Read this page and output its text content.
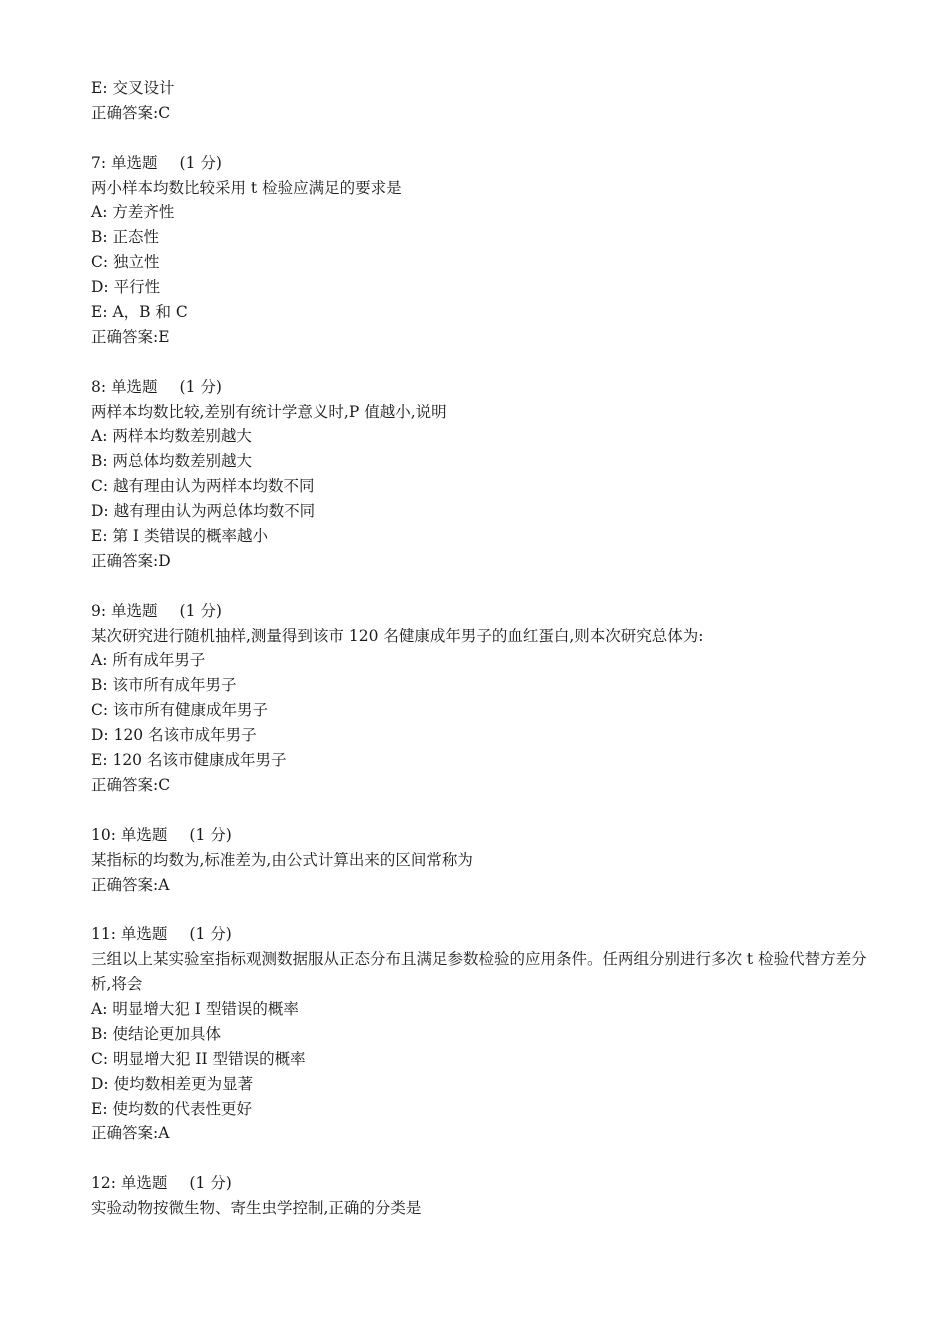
E: 交叉设计
正确答案:C
7: 单选题 (1 分)
两小样本均数比较采用 t 检验应满足的要求是
A: 方差齐性
B: 正态性
C: 独立性
D: 平行性
E: A，B 和 C
正确答案:E
8: 单选题 (1 分)
两样本均数比较,差别有统计学意义时,P 值越小,说明
A: 两样本均数差别越大
B: 两总体均数差别越大
C: 越有理由认为两样本均数不同
D: 越有理由认为两总体均数不同
E: 第 I 类错误的概率越小
正确答案:D
9: 单选题 (1 分)
某次研究进行随机抽样,测量得到该市 120 名健康成年男子的血红蛋白,则本次研究总体为:
A: 所有成年男子
B: 该市所有成年男子
C: 该市所有健康成年男子
D: 120 名该市成年男子
E: 120 名该市健康成年男子
正确答案:C
10: 单选题 (1 分)
某指标的均数为,标准差为,由公式计算出来的区间常称为
正确答案:A
11: 单选题 (1 分)
三组以上某实验室指标观测数据服从正态分布且满足参数检验的应用条件。任两组分别进行多次 t 检验代替方差分析,将会
A: 明显增大犯 I 型错误的概率
B: 使结论更加具体
C: 明显增大犯 II 型错误的概率
D: 使均数相差更为显著
E: 使均数的代表性更好
正确答案:A
12: 单选题 (1 分)
实验动物按微生物、寄生虫学控制,正确的分类是
